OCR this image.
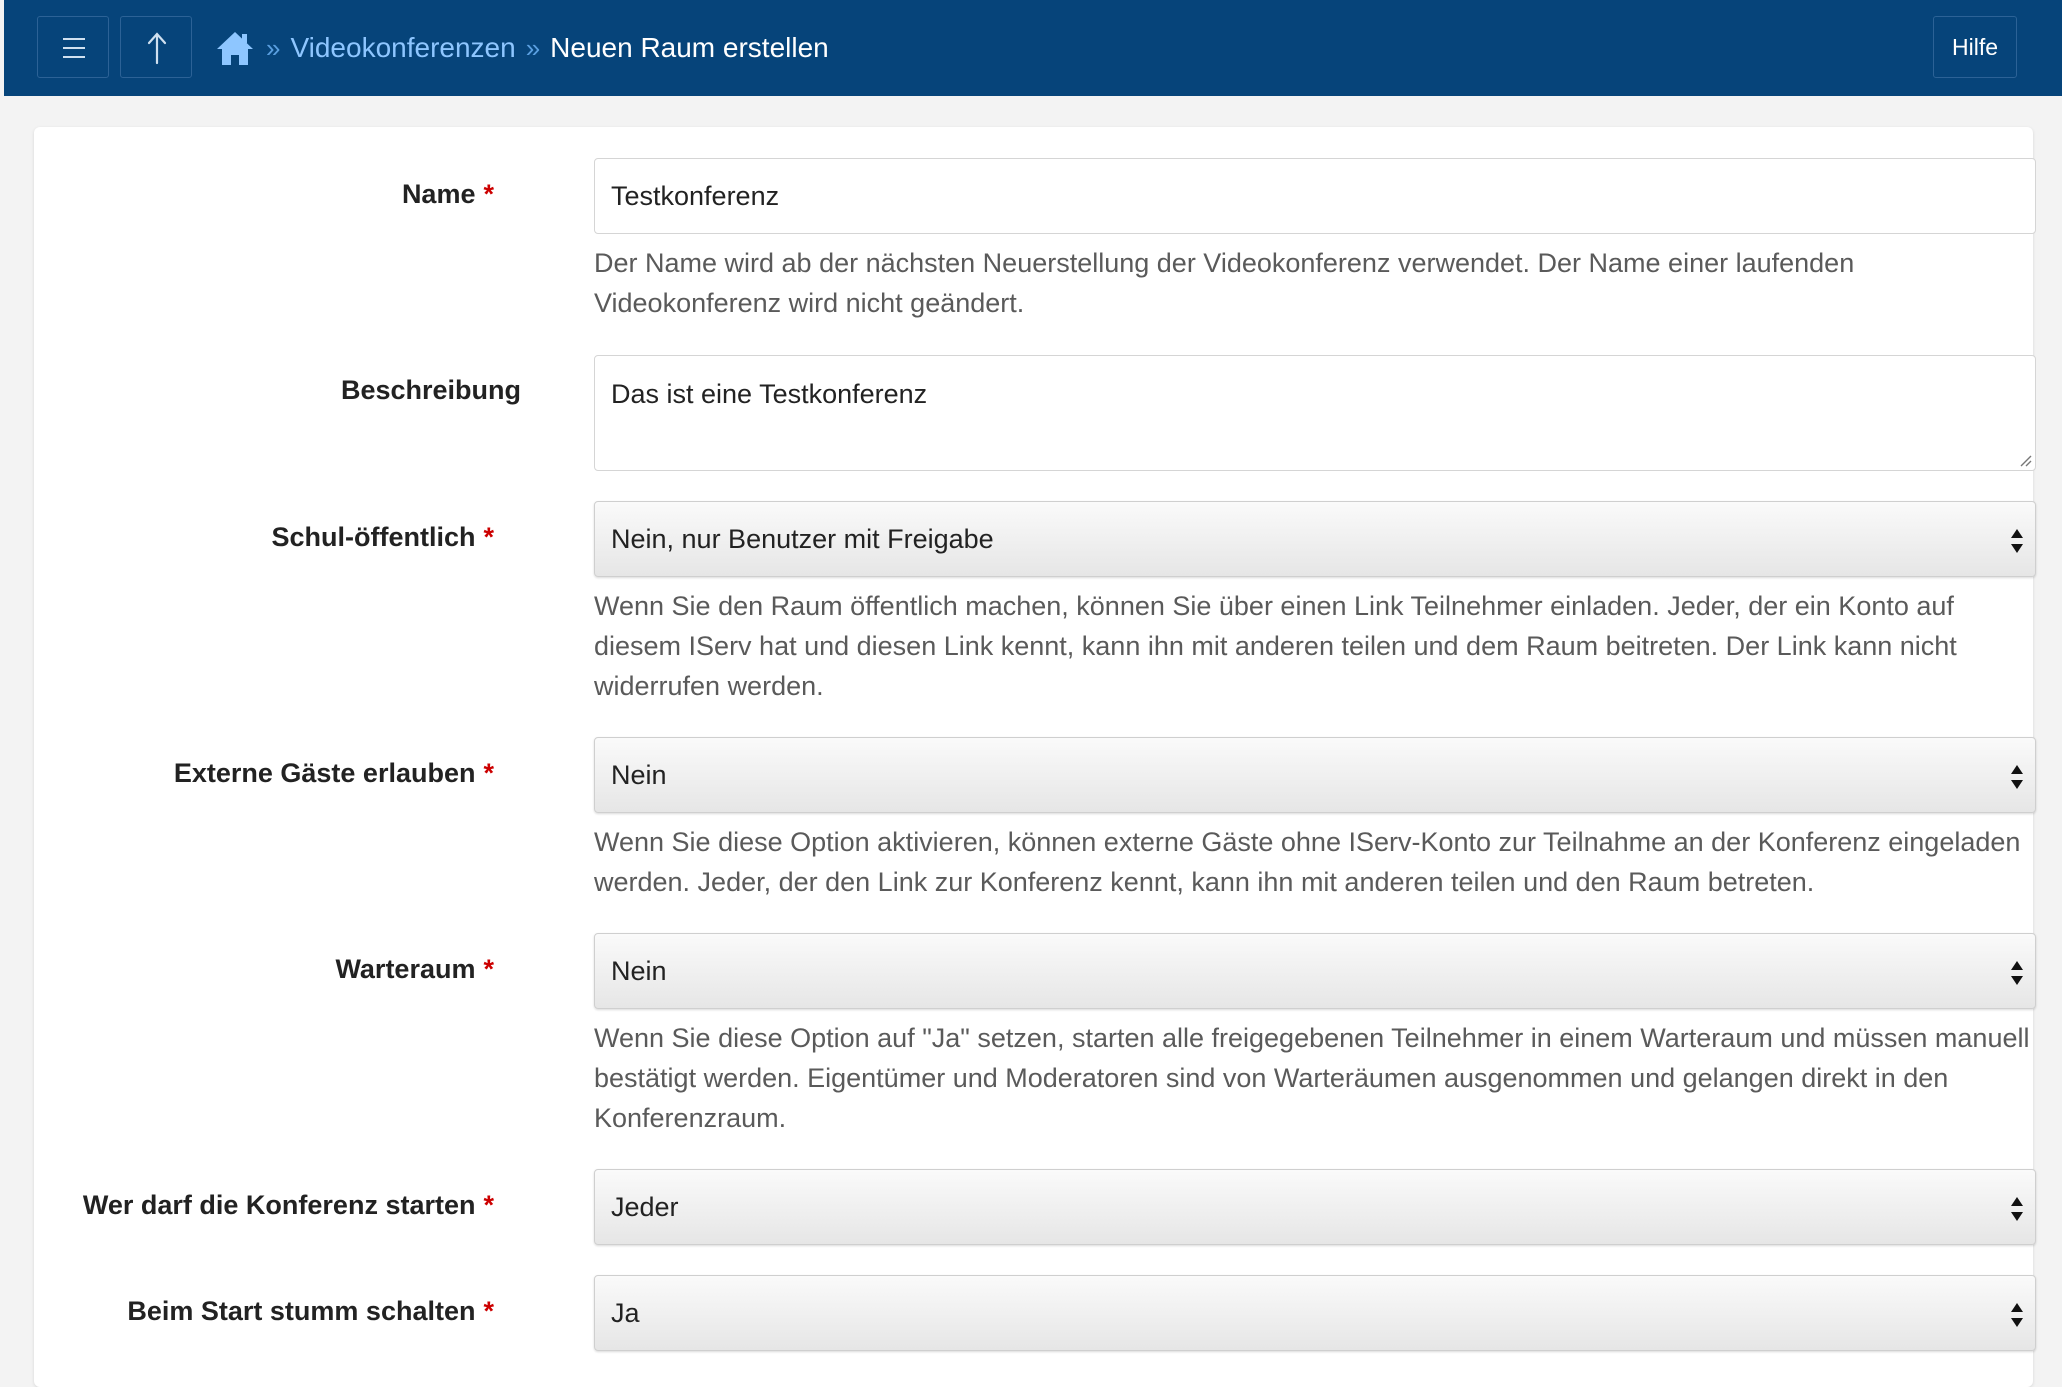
» Videokonferenzen » Neuen Raum erstellen	Hilfe
Name *	Testkonferenz
Der Name wird ab der nächsten Neuerstellung der Videokonferenz verwendet. Der Name einer laufenden Videokonferenz wird nicht geändert.
Beschreibung	Das ist eine Testkonferenz
Schul-öffentlich *	Nein, nur Benutzer mit Freigabe
Wenn Sie den Raum öffentlich machen, können Sie über einen Link Teilnehmer einladen. Jeder, der ein Konto auf diesem IServ hat und diesen Link kennt, kann ihn mit anderen teilen und dem Raum beitreten. Der Link kann nicht widerrufen werden.
Externe Gäste erlauben *	Nein
Wenn Sie diese Option aktivieren, können externe Gäste ohne IServ-Konto zur Teilnahme an der Konferenz eingeladen werden. Jeder, der den Link zur Konferenz kennt, kann ihn mit anderen teilen und den Raum betreten.
Warteraum *	Nein
Wenn Sie diese Option auf "Ja" setzen, starten alle freigegebenen Teilnehmer in einem Warteraum und müssen manuell bestätigt werden. Eigentümer und Moderatoren sind von Warteräumen ausgenommen und gelangen direkt in den Konferenzraum.
Wer darf die Konferenz starten *	Jeder
Beim Start stumm schalten *	Ja
